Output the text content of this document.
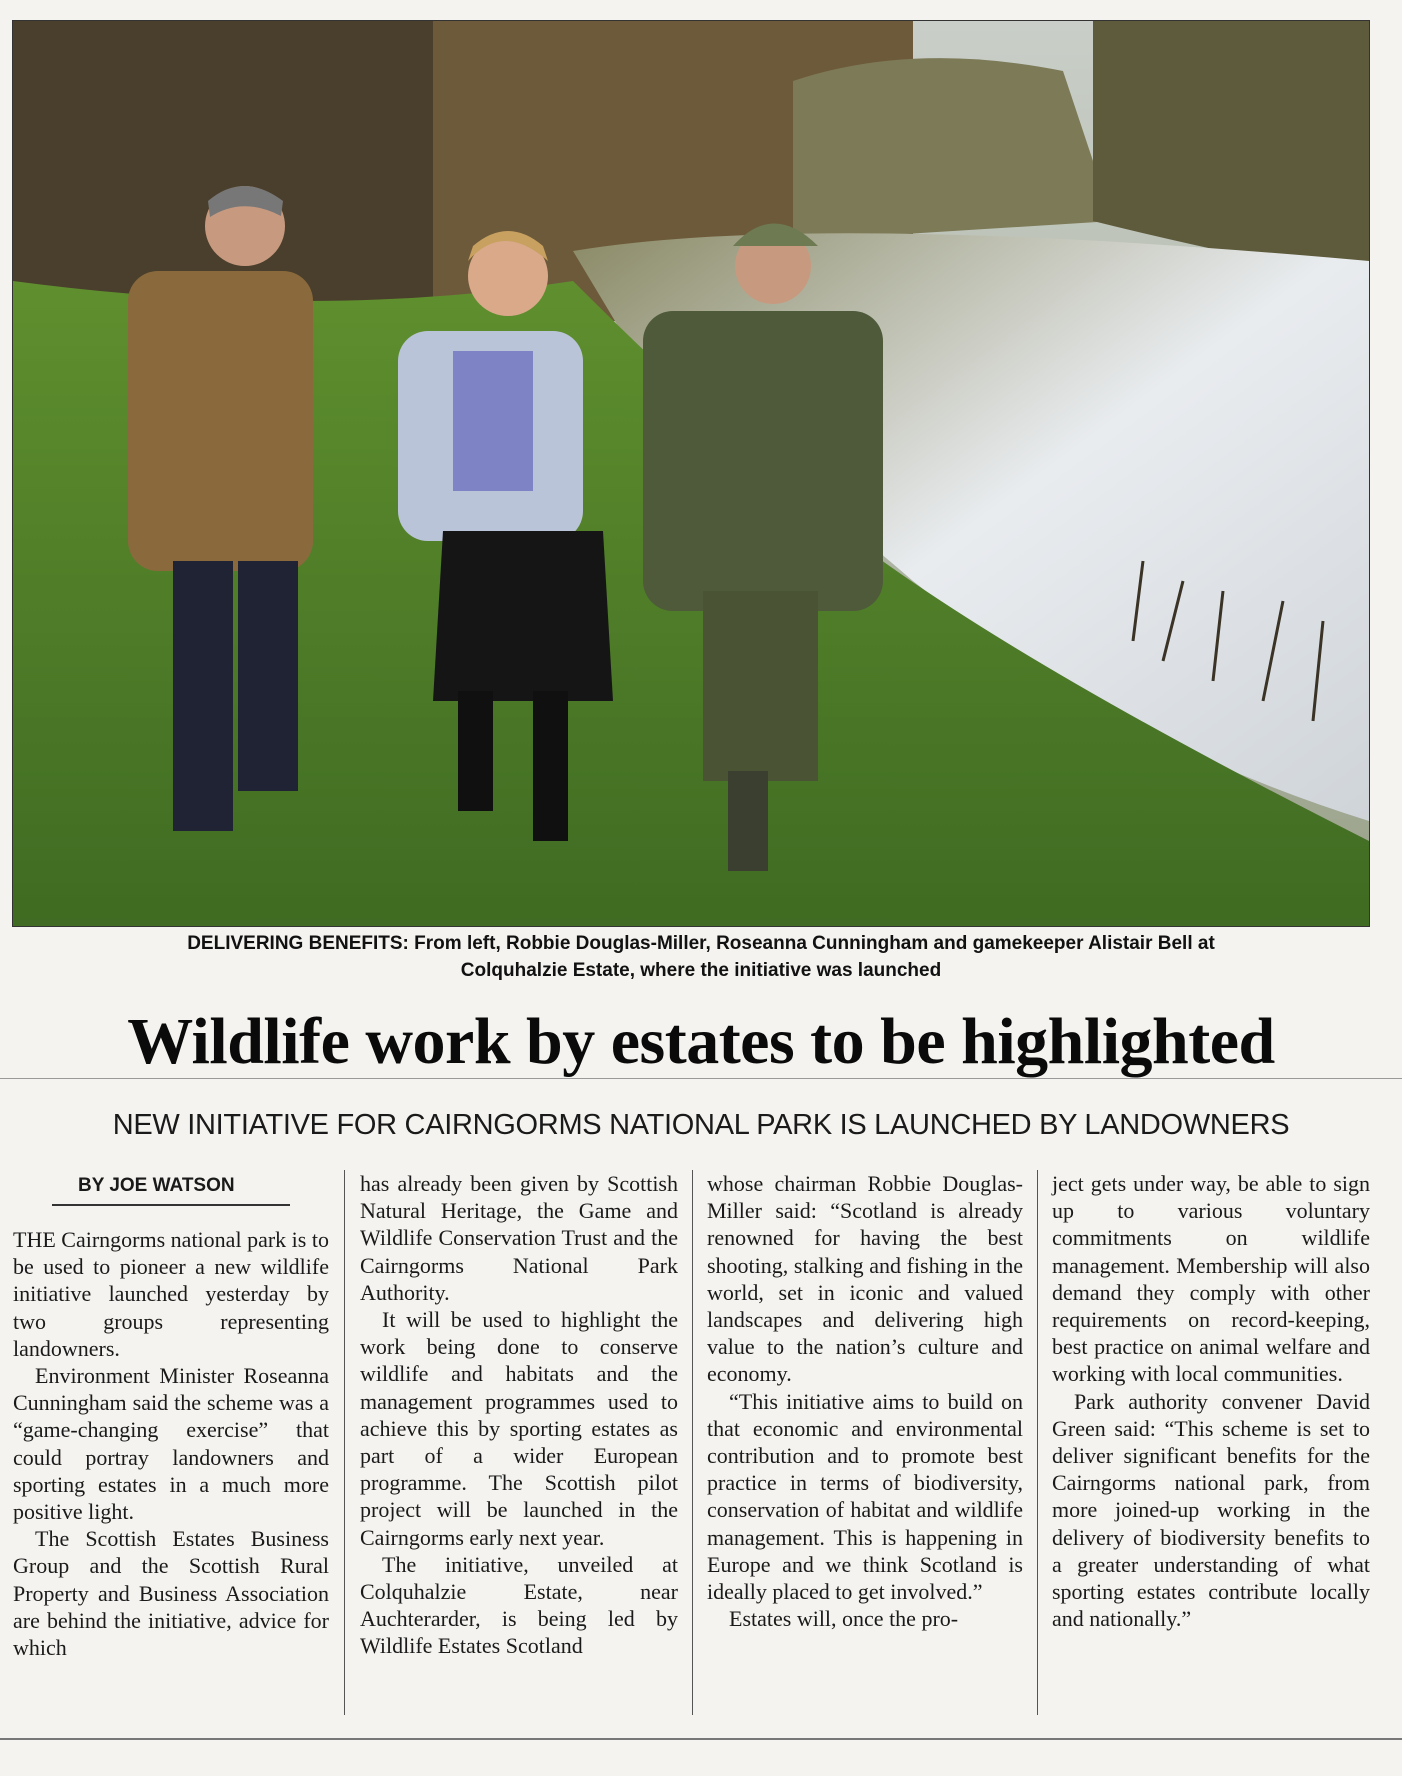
DELIVERING BENEFITS: From left, Robbie Douglas-Miller, Roseanna Cunningham and gamekeeper Alistair Bell at
Colquhalzie Estate, where the initiative was launched
Wildlife work by estates to be highlighted
NEW INITIATIVE FOR CAIRNGORMS NATIONAL PARK IS LAUNCHED BY LANDOWNERS
BY JOE WATSON

THE Cairngorms national park is to be used to pioneer a new wildlife initiative launched yesterday by two groups representing landowners.

Environment Minister Roseanna Cunningham said the scheme was a “game-changing exercise” that could portray landowners and sporting estates in a much more positive light.

The Scottish Estates Business Group and the Scottish Rural Property and Business Association are behind the initiative, advice for which

has already been given by Scottish Natural Heritage, the Game and Wildlife Conservation Trust and the Cairngorms National Park Authority.

It will be used to highlight the work being done to conserve wildlife and habitats and the management programmes used to achieve this by sporting estates as part of a wider European programme. The Scottish pilot project will be launched in the Cairngorms early next year.

The initiative, unveiled at Colquhalzie Estate, near Auchterarder, is being led by Wildlife Estates Scotland

whose chairman Robbie Douglas-Miller said: “Scotland is already renowned for having the best shooting, stalking and fishing in the world, set in iconic and valued landscapes and delivering high value to the nation’s culture and economy.

“This initiative aims to build on that economic and environmental contribution and to promote best practice in terms of biodiversity, conservation of habitat and wildlife management. This is happening in Europe and we think Scotland is ideally placed to get involved.”

Estates will, once the pro-

ject gets under way, be able to sign up to various voluntary commitments on wildlife management. Membership will also demand they comply with other requirements on record-keeping, best practice on animal welfare and working with local communities.

Park authority convener David Green said: “This scheme is set to deliver significant benefits for the Cairngorms national park, from more joined-up working in the delivery of biodiversity benefits to a greater understanding of what sporting estates contribute locally and nationally.”
